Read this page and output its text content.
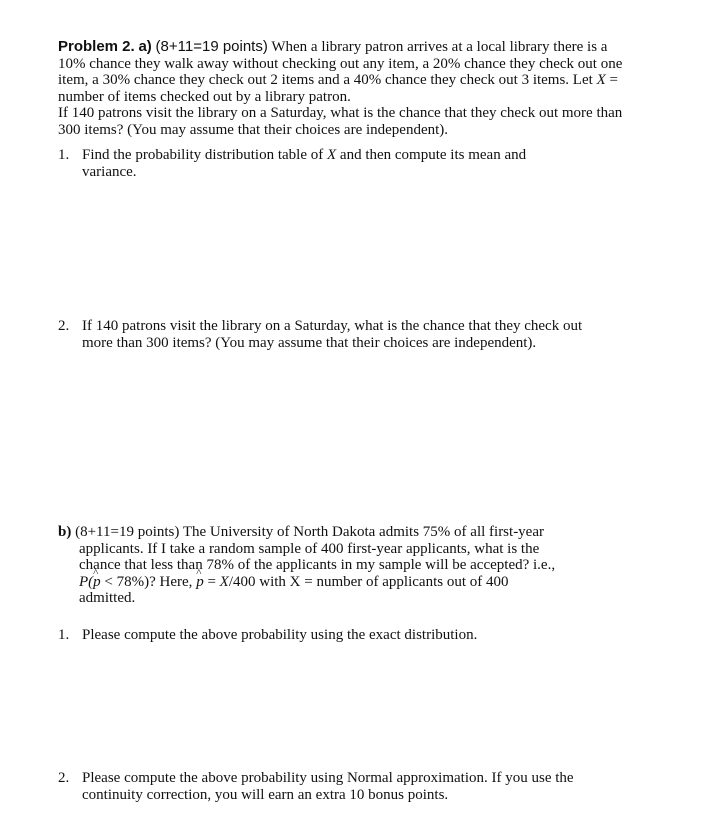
Problem 2. a) (8+11=19 points) When a library patron arrives at a local library there is a
10% chance they walk away without checking out any item, a 20% chance they check out one
item, a 30% chance they check out 2 items and a 40% chance they check out 3 items. Let X =
number of items checked out by a library patron.
If 140 patrons visit the library on a Saturday, what is the chance that they check out more than
300 items? (You may assume that their choices are independent).
1. Find the probability distribution table of X and then compute its mean and
variance.
2. If 140 patrons visit the library on a Saturday, what is the chance that they check out
more than 300 items? (You may assume that their choices are independent).
b) (8+11=19 points) The University of North Dakota admits 75% of all first-year
applicants. If I take a random sample of 400 first-year applicants, what is the
chance that less than 78% of the applicants in my sample will be accepted? i.e.,
P(^ p < 78%)? Here, ^ p = X/400 with X = number of applicants out of 400
admitted.
1. Please compute the above probability using the exact distribution.
2. Please compute the above probability using Normal approximation. If you use the
continuity correction, you will earn an extra 10 bonus points.
